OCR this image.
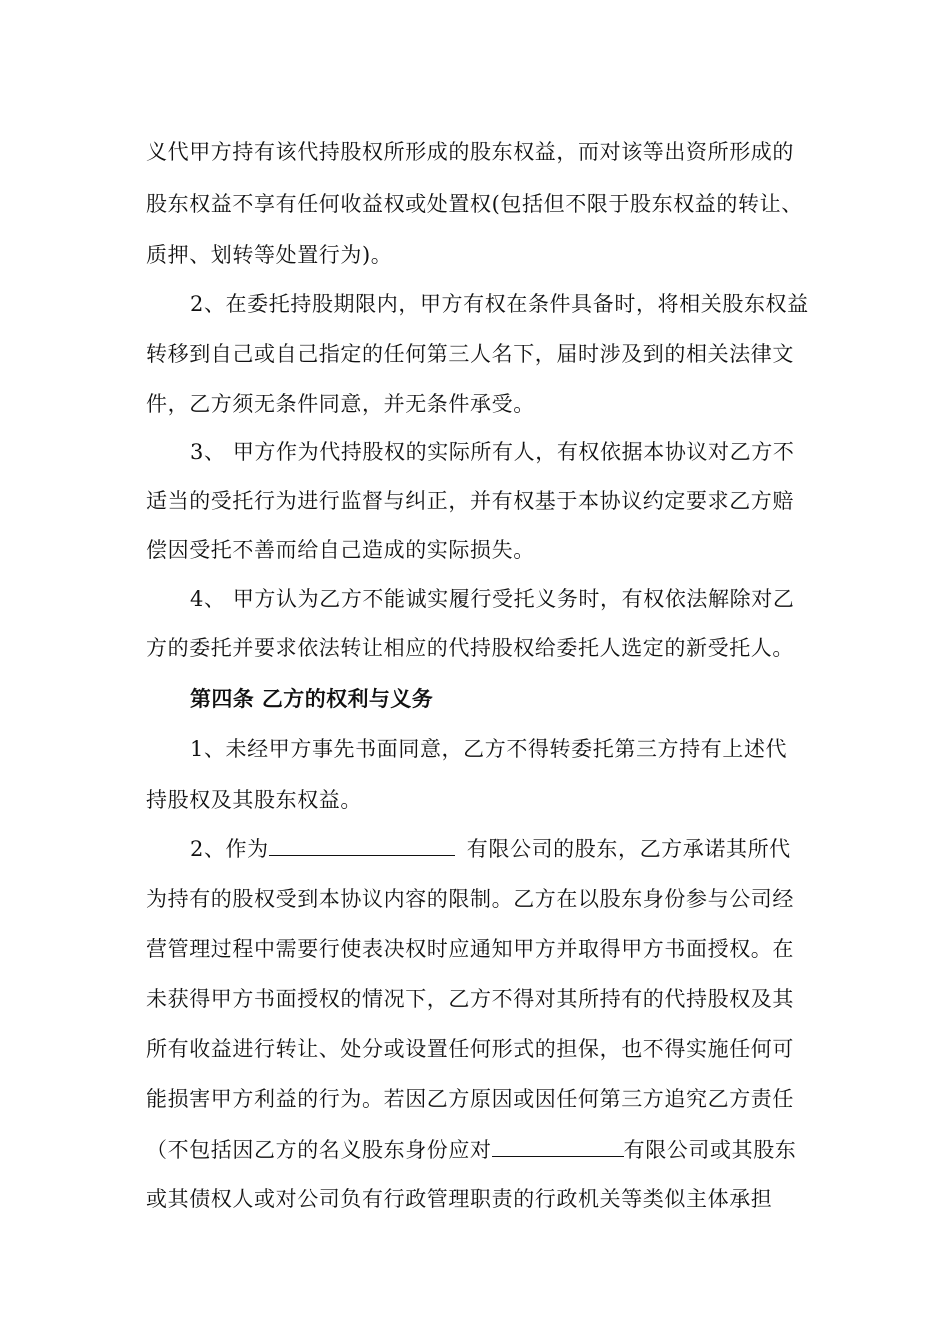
义代甲方持有该代持股权所形成的股东权益，而对该等出资所形成的
股东权益不享有任何收益权或处置权(包括但不限于股东权益的转让、
质押、划转等处置行为)。
2、在委托持股期限内，甲方有权在条件具备时，将相关股东权益
转移到自己或自己指定的任何第三人名下，届时涉及到的相关法律文
件，乙方须无条件同意，并无条件承受。
3、 甲方作为代持股权的实际所有人，有权依据本协议对乙方不
适当的受托行为进行监督与纠正，并有权基于本协议约定要求乙方赔
偿因受托不善而给自己造成的实际损失。
4、 甲方认为乙方不能诚实履行受托义务时，有权依法解除对乙
方的委托并要求依法转让相应的代持股权给委托人选定的新受托人。
第四条 乙方的权利与义务
1、未经甲方事先书面同意，乙方不得转委托第三方持有上述代
持股权及其股东权益。
2、作为	有限公司的股东，乙方承诺其所代
为持有的股权受到本协议内容的限制。乙方在以股东身份参与公司经
营管理过程中需要行使表决权时应通知甲方并取得甲方书面授权。在
未获得甲方书面授权的情况下，乙方不得对其所持有的代持股权及其
所有收益进行转让、处分或设置任何形式的担保，也不得实施任何可
能损害甲方利益的行为。若因乙方原因或因任何第三方追究乙方责任
（不包括因乙方的名义股东身份应对	有限公司或其股东
或其债权人或对公司负有行政管理职责的行政机关等类似主体承担
